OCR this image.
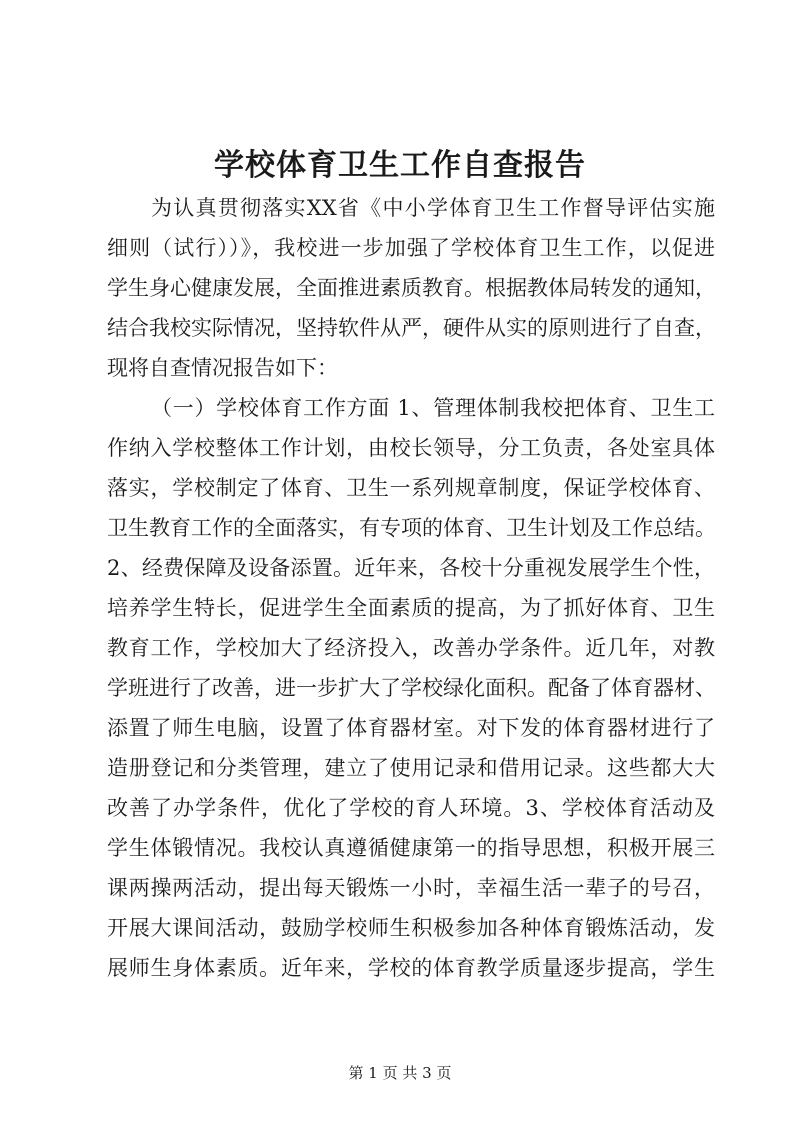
学校体育卫生工作自查报告
为认真贯彻落实XX省《中小学体育卫生工作督导评估实施
细则（试行））》，我校进一步加强了学校体育卫生工作，以促进
学生身心健康发展，全面推进素质教育。根据教体局转发的通知，
结合我校实际情况，坚持软件从严，硬件从实的原则进行了自查，
现将自查情况报告如下：
（一）学校体育工作方面 1、管理体制我校把体育、卫生工
作纳入学校整体工作计划，由校长领导，分工负责，各处室具体
落实，学校制定了体育、卫生一系列规章制度，保证学校体育、
卫生教育工作的全面落实，有专项的体育、卫生计划及工作总结。
2、经费保障及设备添置。近年来，各校十分重视发展学生个性，
培养学生特长，促进学生全面素质的提高，为了抓好体育、卫生
教育工作，学校加大了经济投入，改善办学条件。近几年，对教
学班进行了改善，进一步扩大了学校绿化面积。配备了体育器材、
添置了师生电脑，设置了体育器材室。对下发的体育器材进行了
造册登记和分类管理，建立了使用记录和借用记录。这些都大大
改善了办学条件，优化了学校的育人环境。3、学校体育活动及
学生体锻情况。我校认真遵循健康第一的指导思想，积极开展三
课两操两活动，提出每天锻炼一小时，幸福生活一辈子的号召，
开展大课间活动，鼓励学校师生积极参加各种体育锻炼活动，发
展师生身体素质。近年来，学校的体育教学质量逐步提高，学生
第 1 页 共 3 页
